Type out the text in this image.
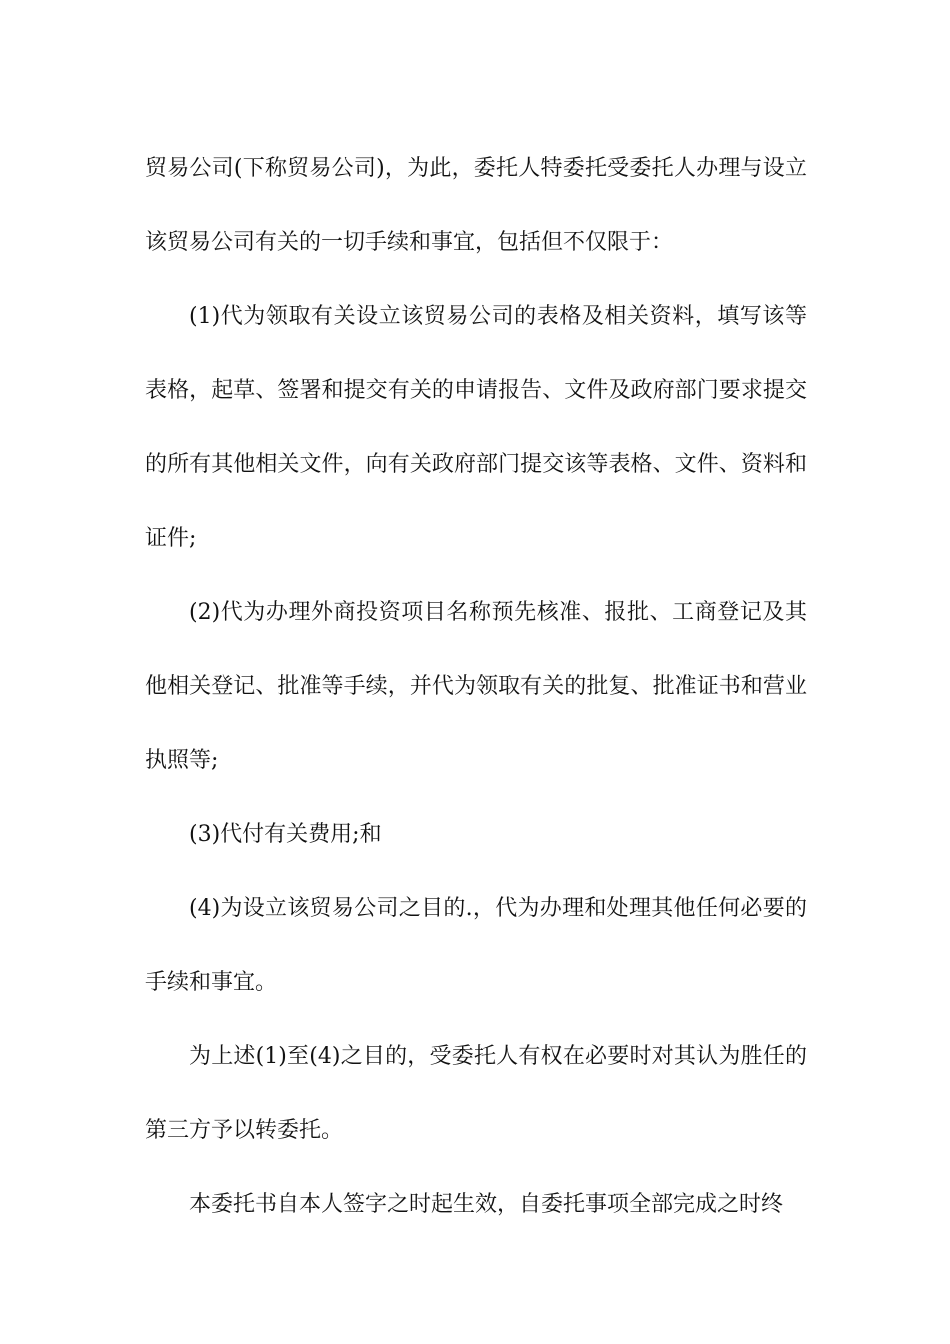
贸易公司(下称贸易公司)，为此，委托人特委托受委托人办理与设立该贸易公司有关的一切手续和事宜，包括但不仅限于：

(1)代为领取有关设立该贸易公司的表格及相关资料，填写该等表格，起草、签署和提交有关的申请报告、文件及政府部门要求提交的所有其他相关文件，向有关政府部门提交该等表格、文件、资料和证件;

(2)代为办理外商投资项目名称预先核准、报批、工商登记及其他相关登记、批准等手续，并代为领取有关的批复、批准证书和营业执照等;

(3)代付有关费用;和

(4)为设立该贸易公司之目的.，代为办理和处理其他任何必要的手续和事宜。

为上述(1)至(4)之目的，受委托人有权在必要时对其认为胜任的第三方予以转委托。

本委托书自本人签字之时起生效，自委托事项全部完成之时终
